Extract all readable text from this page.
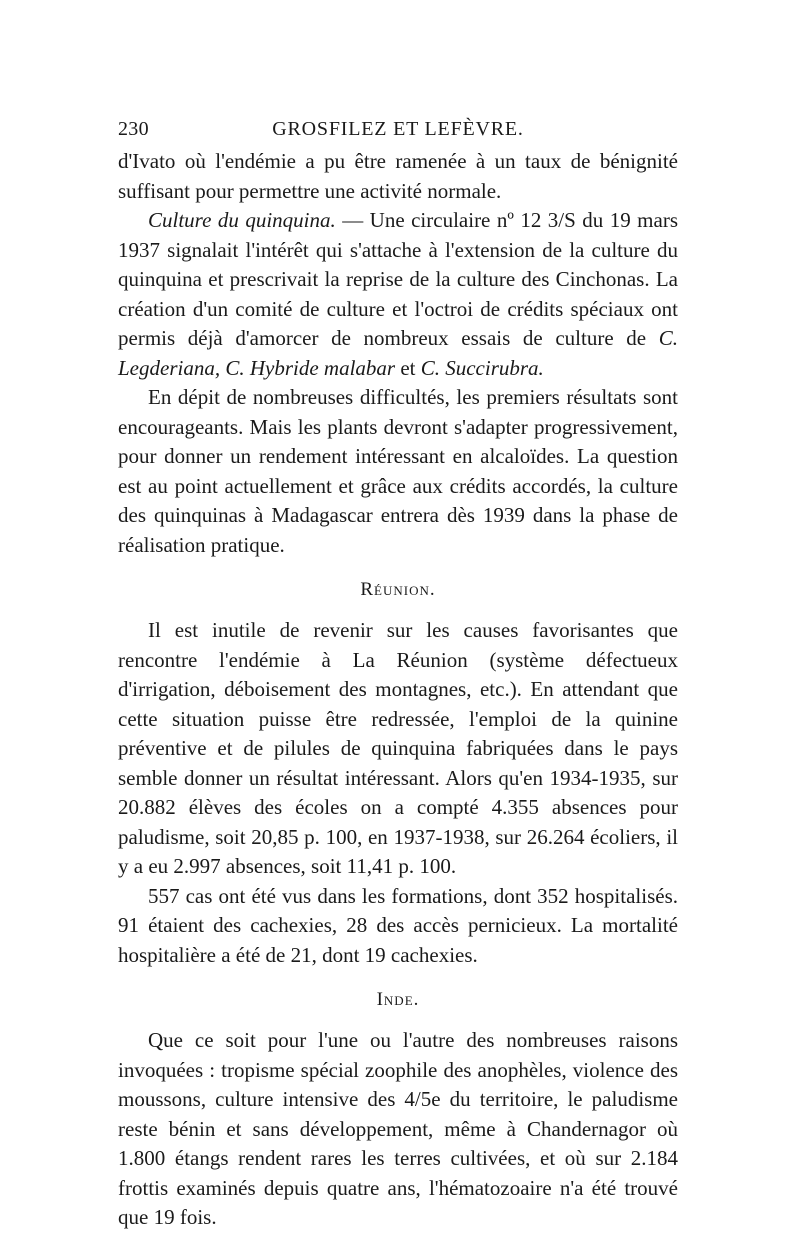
230	GROSFILEZ ET LEFÈVRE.

d'Ivato où l'endémie a pu être ramenée à un taux de bénignité suffisant pour permettre une activité normale.

Culture du quinquina. — Une circulaire nº 12 3/S du 19 mars 1937 signalait l'intérêt qui s'attache à l'extension de la culture du quinquina et prescrivait la reprise de la culture des Cinchonas. La création d'un comité de culture et l'octroi de crédits spéciaux ont permis déjà d'amorcer de nombreux essais de culture de C. Legderiana, C. Hybride malabar et C. Succirubra.

En dépit de nombreuses difficultés, les premiers résultats sont encourageants. Mais les plants devront s'adapter progressivement, pour donner un rendement intéressant en alcaloïdes. La question est au point actuellement et grâce aux crédits accordés, la culture des quinquinas à Madagascar entrera dès 1939 dans la phase de réalisation pratique.

Réunion.

Il est inutile de revenir sur les causes favorisantes que rencontre l'endémie à La Réunion (système défectueux d'irrigation, déboisement des montagnes, etc.). En attendant que cette situation puisse être redressée, l'emploi de la quinine préventive et de pilules de quinquina fabriquées dans le pays semble donner un résultat intéressant. Alors qu'en 1934-1935, sur 20.882 élèves des écoles on a compté 4.355 absences pour paludisme, soit 20,85 p. 100, en 1937-1938, sur 26.264 écoliers, il y a eu 2.997 absences, soit 11,41 p. 100.

557 cas ont été vus dans les formations, dont 352 hospitalisés. 91 étaient des cachexies, 28 des accès pernicieux. La mortalité hospitalière a été de 21, dont 19 cachexies.

Inde.

Que ce soit pour l'une ou l'autre des nombreuses raisons invoquées : tropisme spécial zoophile des anophèles, violence des moussons, culture intensive des 4/5e du territoire, le paludisme reste bénin et sans développement, même à Chandernagor où 1.800 étangs rendent rares les terres cultivées, et où sur 2.184 frottis examinés depuis quatre ans, l'hématozoaire n'a été trouvé que 19 fois.
